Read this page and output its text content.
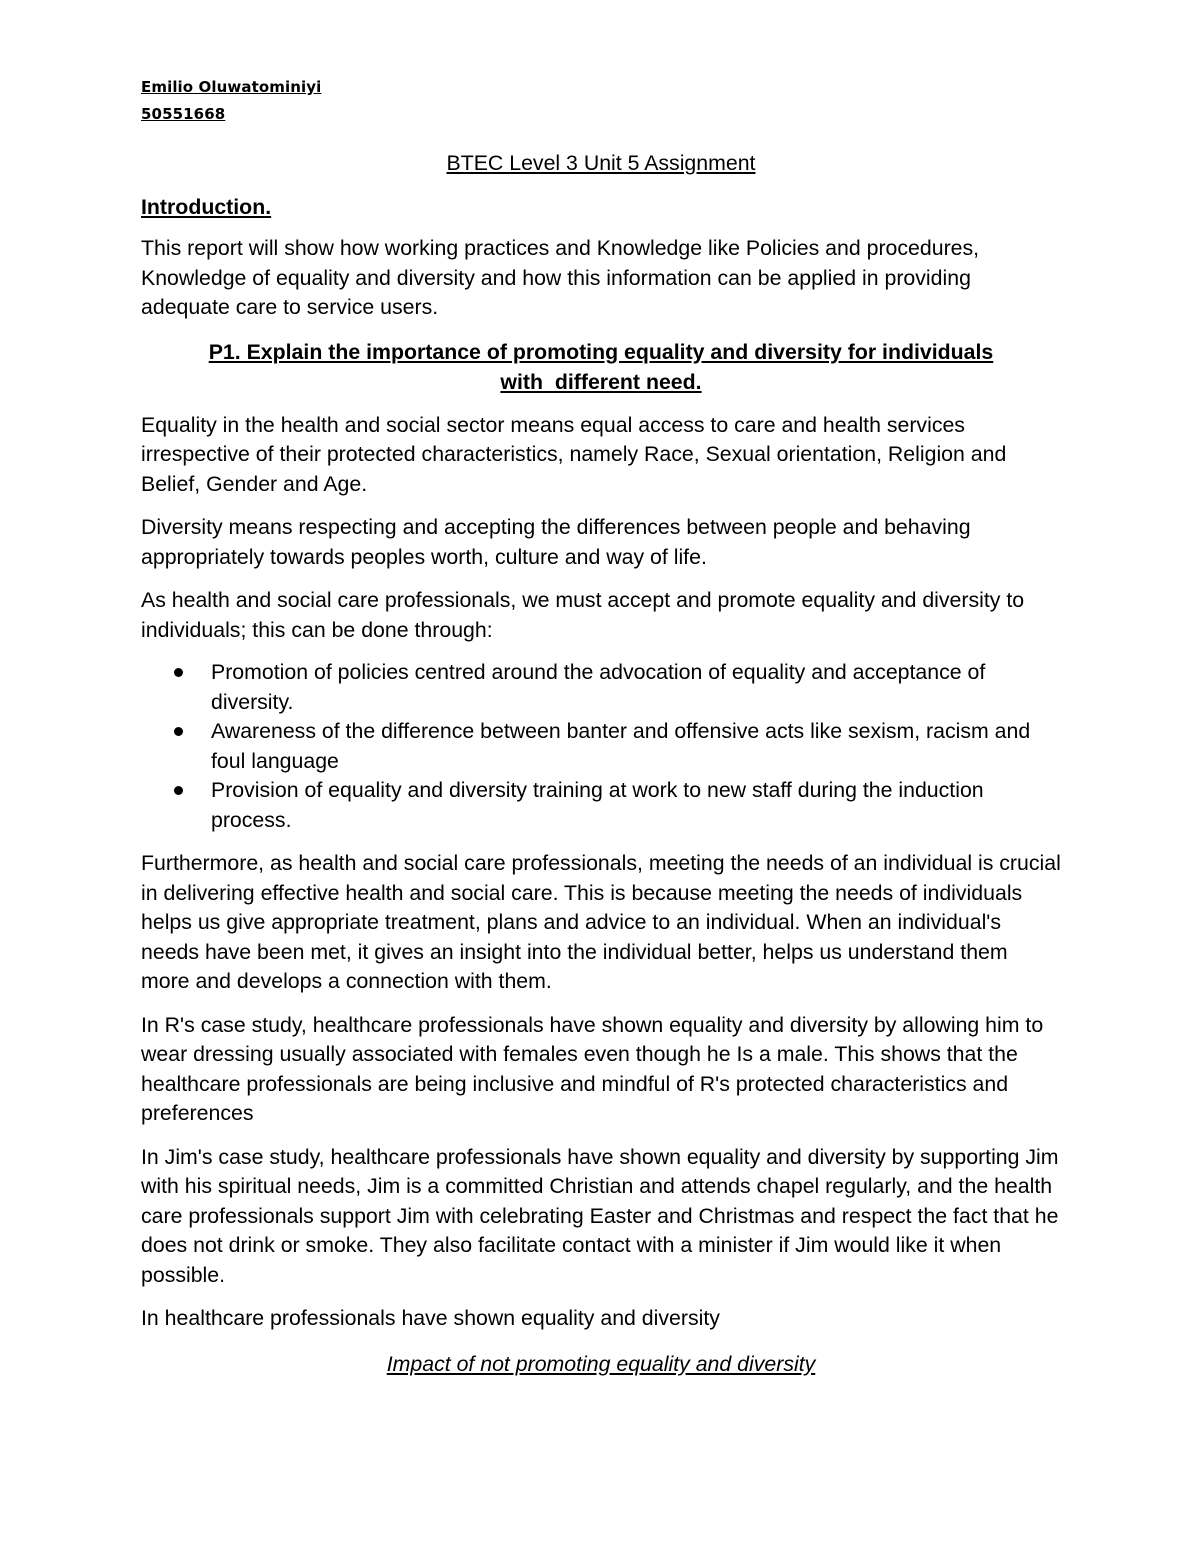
Emilio Oluwatominiyi
50551668
BTEC Level 3 Unit 5 Assignment
Introduction.

This report will show how working practices and Knowledge like Policies and procedures, Knowledge of equality and diversity and how this information can be applied in providing adequate care to service users.

P1. Explain the importance of promoting equality and diversity for individuals
with  different need.

Equality in the health and social sector means equal access to care and health services irrespective of their protected characteristics, namely Race, Sexual orientation, Religion and Belief, Gender and Age.

Diversity means respecting and accepting the differences between people and behaving appropriately towards peoples worth, culture and way of life.

As health and social care professionals, we must accept and promote equality and diversity to individuals; this can be done through:

Promotion of policies centred around the advocation of equality and acceptance of diversity.
Awareness of the difference between banter and offensive acts like sexism, racism and foul language
Provision of equality and diversity training at work to new staff during the induction process.

Furthermore, as health and social care professionals, meeting the needs of an individual is crucial in delivering effective health and social care. This is because meeting the needs of individuals helps us give appropriate treatment, plans and advice to an individual. When an individual's needs have been met, it gives an insight into the individual better, helps us understand them more and develops a connection with them.

In R's case study, healthcare professionals have shown equality and diversity by allowing him to wear dressing usually associated with females even though he Is a male. This shows that the healthcare professionals are being inclusive and mindful of R's protected characteristics and preferences

In Jim's case study, healthcare professionals have shown equality and diversity by supporting Jim with his spiritual needs, Jim is a committed Christian and attends chapel regularly, and the health care professionals support Jim with celebrating Easter and Christmas and respect the fact that he does not drink or smoke. They also facilitate contact with a minister if Jim would like it when possible.

In healthcare professionals have shown equality and diversity

Impact of not promoting equality and diversity
